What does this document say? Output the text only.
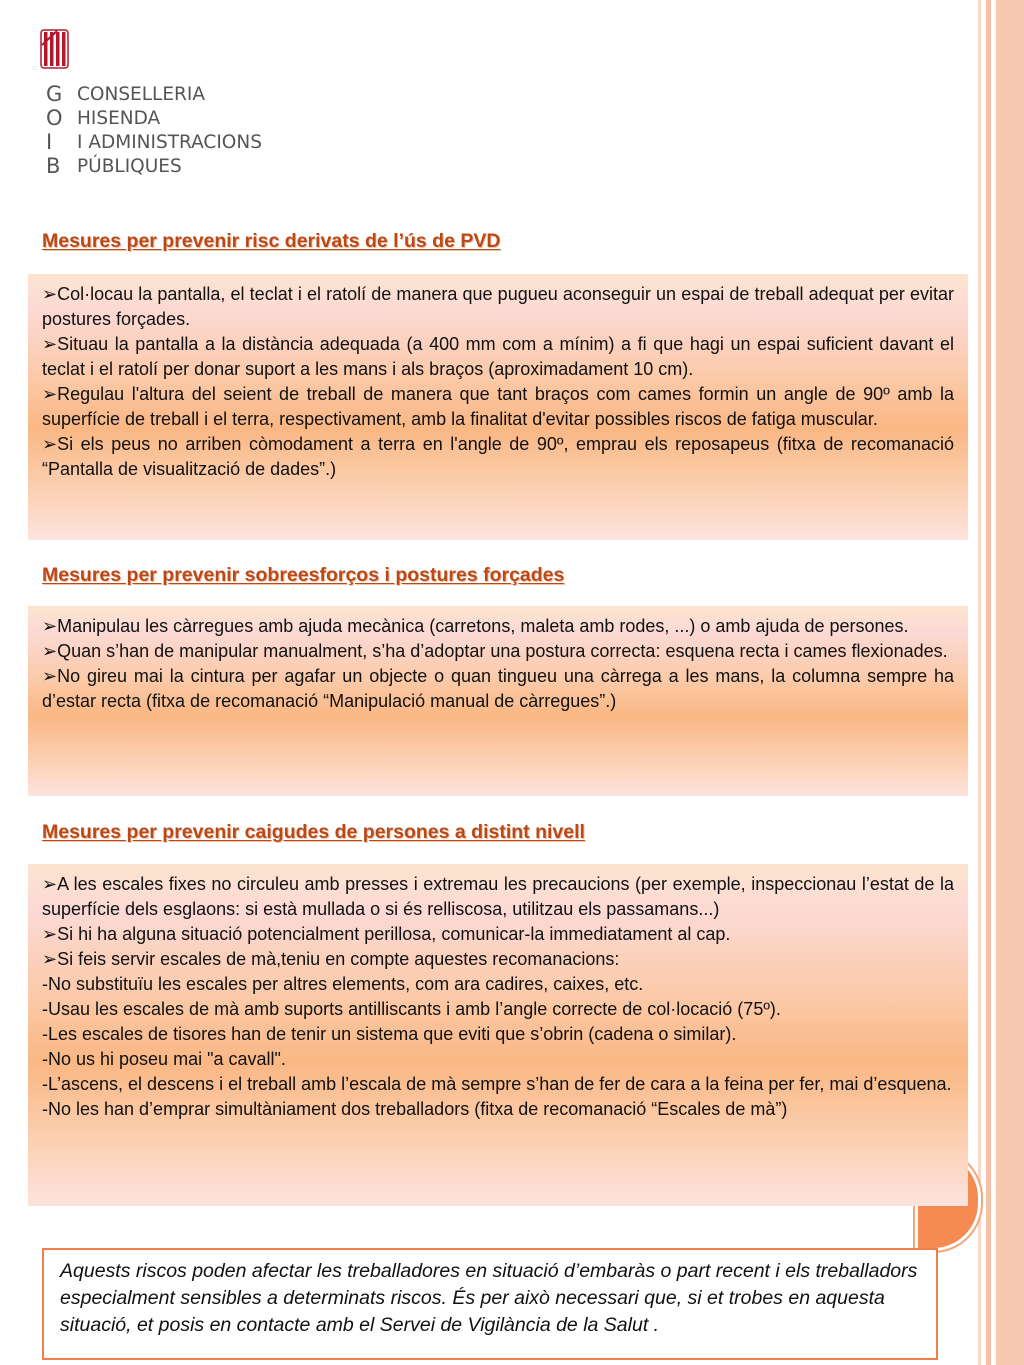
G
O
I
B
CONSELLERIA
HISENDA
I ADMINISTRACIONS
PÚBLIQUES
Mesures per prevenir risc derivats de l’ús de PVD

➢Col·locau la pantalla, el teclat i el ratolí de manera que pugueu aconseguir un espai de treball adequat per evitar postures forçades.

➢Situau la pantalla a la distància adequada (a 400 mm com a mínim) a fi que hagi un espai suficient davant el teclat i el ratolí per donar suport a les mans i als braços (aproximadament 10 cm).

➢Regulau l'altura del seient de treball de manera que tant braços com cames formin un angle de 90º amb la superfície de treball i el terra, respectivament, amb la finalitat d'evitar possibles riscos de fatiga muscular.

➢Si els peus no arriben còmodament a terra en l'angle de 90º, emprau els reposapeus (fitxa de recomanació “Pantalla de visualització de dades”.)

Mesures per prevenir sobreesforços i postures forçades

➢Manipulau les càrregues amb ajuda mecànica (carretons, maleta amb rodes, ...) o amb ajuda de persones.

➢Quan s’han de manipular manualment, s’ha d’adoptar una postura correcta: esquena recta i cames flexionades.

➢No gireu mai la cintura per agafar un objecte o quan tingueu una càrrega a les mans, la columna sempre ha d’estar recta (fitxa de recomanació “Manipulació manual de càrregues”.)

Mesures per prevenir caigudes de persones a distint nivell

➢A les escales fixes no circuleu amb presses i extremau les precaucions (per exemple, inspeccionau l’estat de la superfície dels esglaons: si està mullada o si és relliscosa, utilitzau els passamans...)

➢Si hi ha alguna situació potencialment perillosa, comunicar-la immediatament al cap.

➢Si feis servir escales de mà,teniu en compte aquestes recomanacions:

-No substituïu les escales per altres elements, com ara cadires, caixes, etc.

-Usau les escales de mà amb suports antilliscants i amb l’angle correcte de col·locació (75º).

-Les escales de tisores han de tenir un sistema que eviti que s’obrin (cadena o similar).

-No us hi poseu mai "a cavall".

-L’ascens, el descens i el treball amb l’escala de mà sempre s’han de fer de cara a la feina per fer, mai d’esquena.

-No les han d’emprar simultàniament dos treballadors (fitxa de recomanació “Escales de mà”)

Aquests riscos poden afectar les treballadores en situació d’embaràs o part recent i els treballadors especialment sensibles a determinats riscos. És per això necessari que, si et trobes en aquesta situació, et posis en contacte amb el Servei de Vigilància de la Salut .
